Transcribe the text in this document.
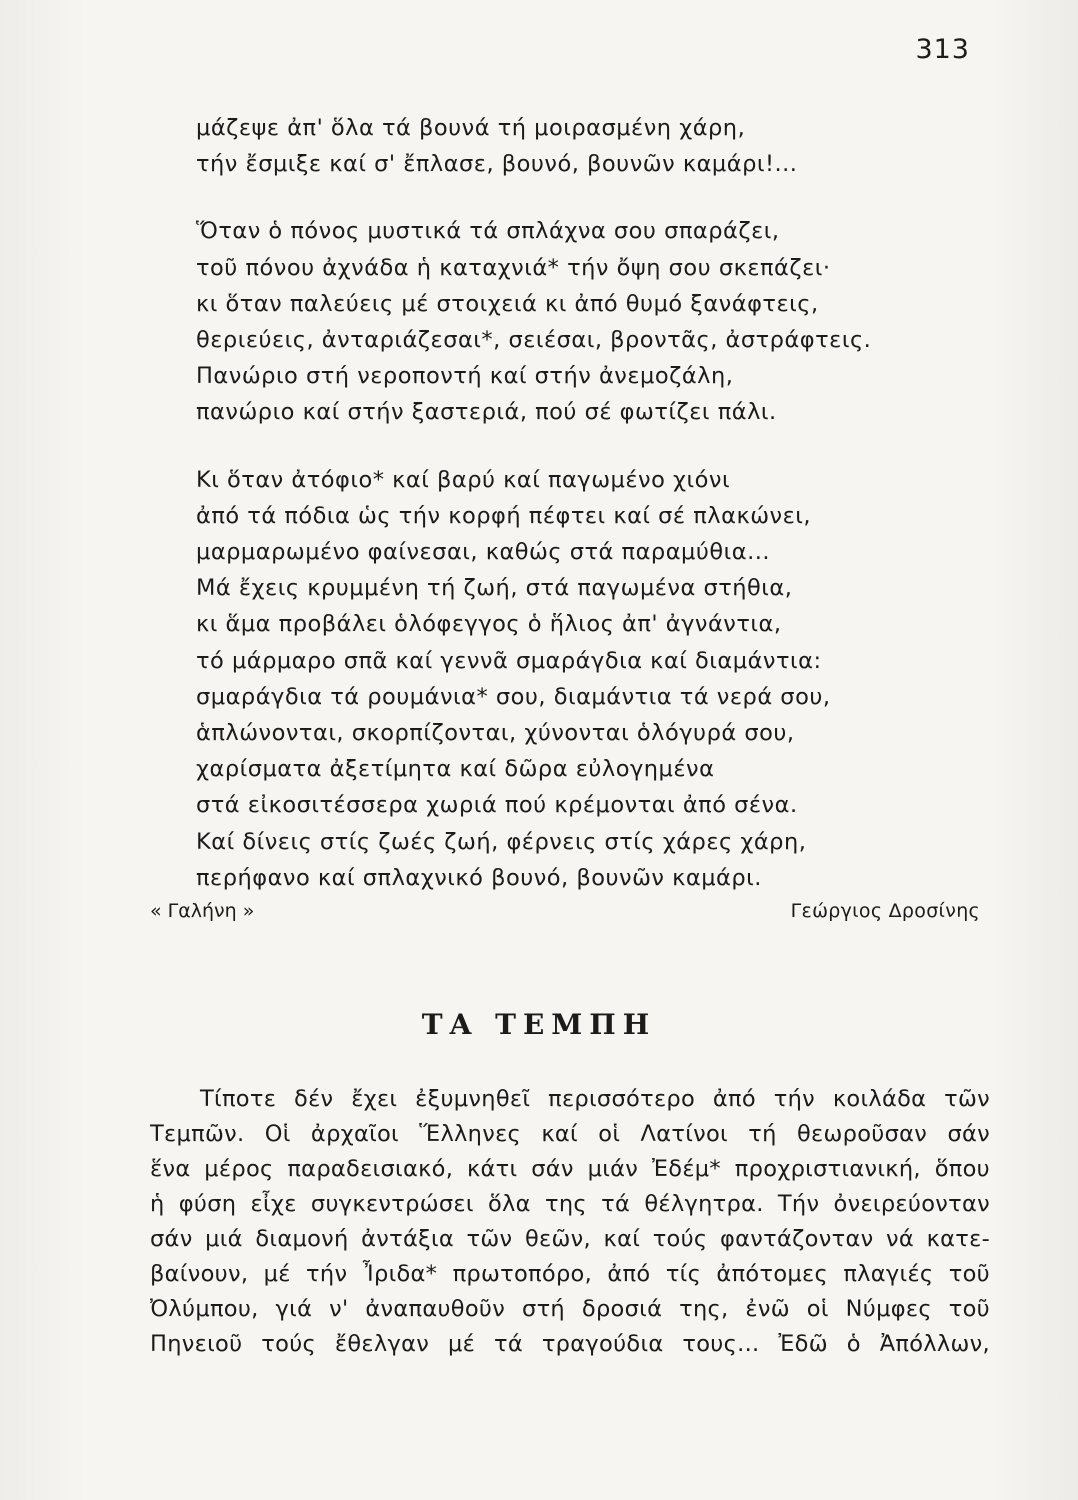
313
μάζεψε ἀπ' ὅλα τά βουνά τή μοιρασμένη χάρη,
τήν ἔσμιξε καί σ' ἔπλασε, βουνό, βουνῶν καμάρι!...
Ὅταν ὁ πόνος μυστικά τά σπλάχνα σου σπαράζει,
τοῦ πόνου ἀχνάδα ἡ καταχνιά* τήν ὄψη σου σκεπάζει·
κι ὅταν παλεύεις μέ στοιχειά κι ἀπό θυμό ξανάφτεις,
θεριεύεις, ἀνταριάζεσαι*, σειέσαι, βροντᾶς, ἀστράφτεις.
Πανώριο στή νεροποντή καί στήν ἀνεμοζάλη,
πανώριο καί στήν ξαστεριά, πού σέ φωτίζει πάλι.
Κι ὅταν ἀτόφιο* καί βαρύ καί παγωμένο χιόνι
ἀπό τά πόδια ὡς τήν κορφή πέφτει καί σέ πλακώνει,
μαρμαρωμένο φαίνεσαι, καθώς στά παραμύθια...
Μά ἔχεις κρυμμένη τή ζωή, στά παγωμένα στήθια,
κι ἅμα προβάλει ὁλόφεγγος ὁ ἥλιος ἀπ' ἀγνάντια,
τό μάρμαρο σπᾶ καί γεννᾶ σμαράγδια καί διαμάντια:
σμαράγδια τά ρουμάνια* σου, διαμάντια τά νερά σου,
ἁπλώνονται, σκορπίζονται, χύνονται ὁλόγυρά σου,
χαρίσματα ἀξετίμητα καί δῶρα εὐλογημένα
στά εἰκοσιτέσσερα χωριά πού κρέμονται ἀπό σένα.
Καί δίνεις στίς ζωές ζωή, φέρνεις στίς χάρες χάρη,
περήφανο καί σπλαχνικό βουνό, βουνῶν καμάρι.
« Γαλήνη »	Γεώργιος Δροσίνης
ΤΑ ΤΕΜΠΗ
Τίποτε δέν ἔχει ἐξυμνηθεῖ περισσότερο ἀπό τήν κοιλάδα τῶν
Τεμπῶν. Οἱ ἀρχαῖοι Ἕλληνες καί οἱ Λατίνοι τή θεωροῦσαν σάν
ἕνα μέρος παραδεισιακό, κάτι σάν μιάν Ἐδέμ* προχριστιανική, ὅπου
ἡ φύση εἶχε συγκεντρώσει ὅλα της τά θέλγητρα. Τήν ὀνειρεύονταν
σάν μιά διαμονή ἀντάξια τῶν θεῶν, καί τούς φαντάζονταν νά κατε-
βαίνουν, μέ τήν Ἶριδα* πρωτοπόρο, ἀπό τίς ἀπότομες πλαγιές τοῦ
Ὀλύμπου, γιά ν' ἀναπαυθοῦν στή δροσιά της, ἐνῶ οἱ Νύμφες τοῦ
Πηνειοῦ τούς ἔθελγαν μέ τά τραγούδια τους... Ἐδῶ ὁ Ἀπόλλων,
